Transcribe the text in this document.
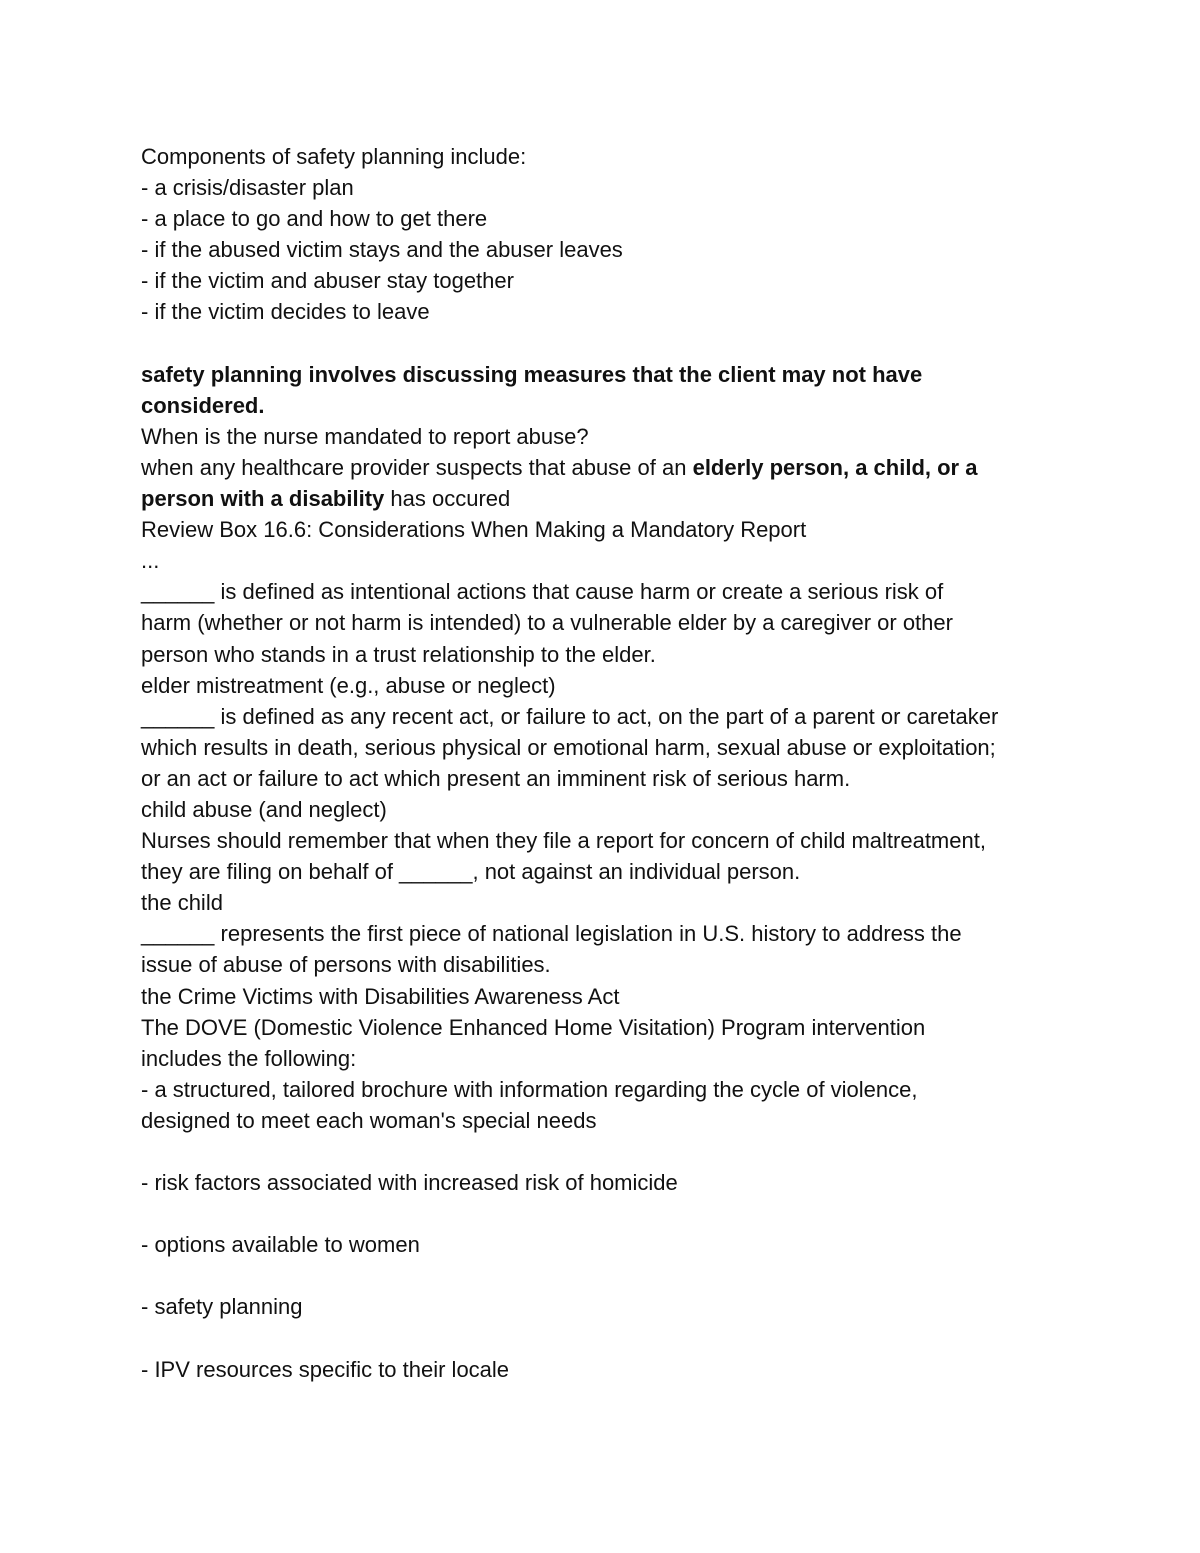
Components of safety planning include:
- a crisis/disaster plan
- a place to go and how to get there
- if the abused victim stays and the abuser leaves
- if the victim and abuser stay together
- if the victim decides to leave
safety planning involves discussing measures that the client may not have
considered.
When is the nurse mandated to report abuse?
when any healthcare provider suspects that abuse of an elderly person, a child, or a
person with a disability has occured
Review Box 16.6: Considerations When Making a Mandatory Report
...
______ is defined as intentional actions that cause harm or create a serious risk of
harm (whether or not harm is intended) to a vulnerable elder by a caregiver or other
person who stands in a trust relationship to the elder.
elder mistreatment (e.g., abuse or neglect)
______ is defined as any recent act, or failure to act, on the part of a parent or caretaker
which results in death, serious physical or emotional harm, sexual abuse or exploitation;
or an act or failure to act which present an imminent risk of serious harm.
child abuse (and neglect)
Nurses should remember that when they file a report for concern of child maltreatment,
they are filing on behalf of ______, not against an individual person.
the child
______ represents the first piece of national legislation in U.S. history to address the
issue of abuse of persons with disabilities.
the Crime Victims with Disabilities Awareness Act
The DOVE (Domestic Violence Enhanced Home Visitation) Program intervention
includes the following:
- a structured, tailored brochure with information regarding the cycle of violence,
designed to meet each woman's special needs
- risk factors associated with increased risk of homicide
- options available to women
- safety planning
- IPV resources specific to their locale
